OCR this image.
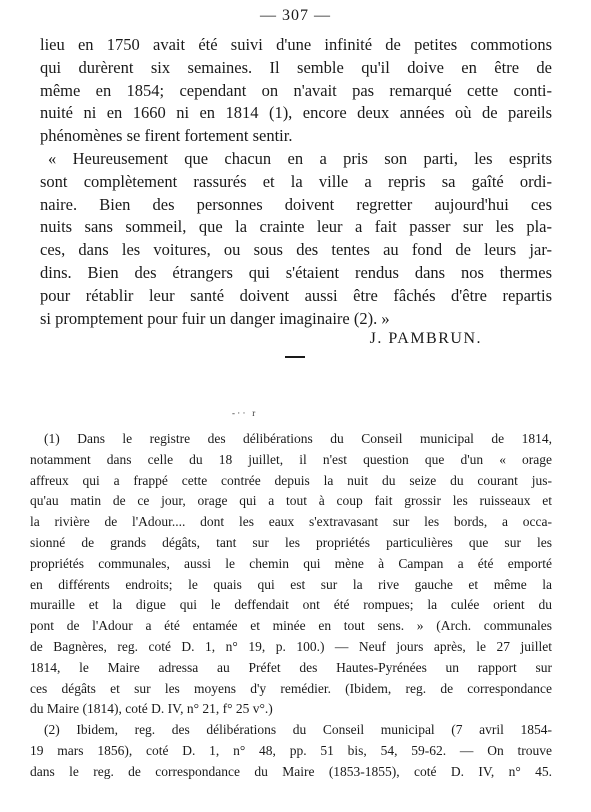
— 307 —
lieu en 1750 avait été suivi d'une infinité de petites commotions
qui durèrent six semaines. Il semble qu'il doive en être de
même en 1854; cependant on n'avait pas remarqué cette conti-
nuité ni en 1660 ni en 1814 (1), encore deux années où de pareils
phénomènes se firent fortement sentir.
« Heureusement que chacun en a pris son parti, les esprits
sont complètement rassurés et la ville a repris sa gaîté ordi-
naire. Bien des personnes doivent regretter aujourd'hui ces
nuits sans sommeil, que la crainte leur a fait passer sur les pla-
ces, dans les voitures, ou sous des tentes au fond de leurs jar-
dins. Bien des étrangers qui s'étaient rendus dans nos thermes
pour rétablir leur santé doivent aussi être fâchés d'être repartis
si promptement pour fuir un danger imaginaire (2). »
J. PAMBRUN.
- · ·   r
(1) Dans le registre des délibérations du Conseil municipal de 1814,
notamment dans celle du 18 juillet, il n'est question que d'un « orage
affreux qui a frappé cette contrée depuis la nuit du seize du courant jus-
qu'au matin de ce jour, orage qui a tout à coup fait grossir les ruisseaux et
la rivière de l'Adour.... dont les eaux s'extravasant sur les bords, a occa-
sionné de grands dégâts, tant sur les propriétés particulières que sur les
propriétés communales, aussi le chemin qui mène à Campan a été emporté
en différents endroits; le quais qui est sur la rive gauche et même la
muraille et la digue qui le deffendait ont été rompues; la culée orient du
pont de l'Adour a été entamée et minée en tout sens. » (Arch. communales
de Bagnères, reg. coté D. 1, n° 19, p. 100.) — Neuf jours après, le 27 juillet
1814, le Maire adressa au Préfet des Hautes-Pyrénées un rapport sur
ces dégâts et sur les moyens d'y remédier. (Ibidem, reg. de correspondance
du Maire (1814), coté D. IV, n° 21, f° 25 v°.)
(2) Ibidem, reg. des délibérations du Conseil municipal (7 avril 1854-
19 mars 1856), coté D. 1, n° 48, pp. 51 bis, 54, 59-62. — On trouve
dans le reg. de correspondance du Maire (1853-1855), coté D. IV, n° 45.
